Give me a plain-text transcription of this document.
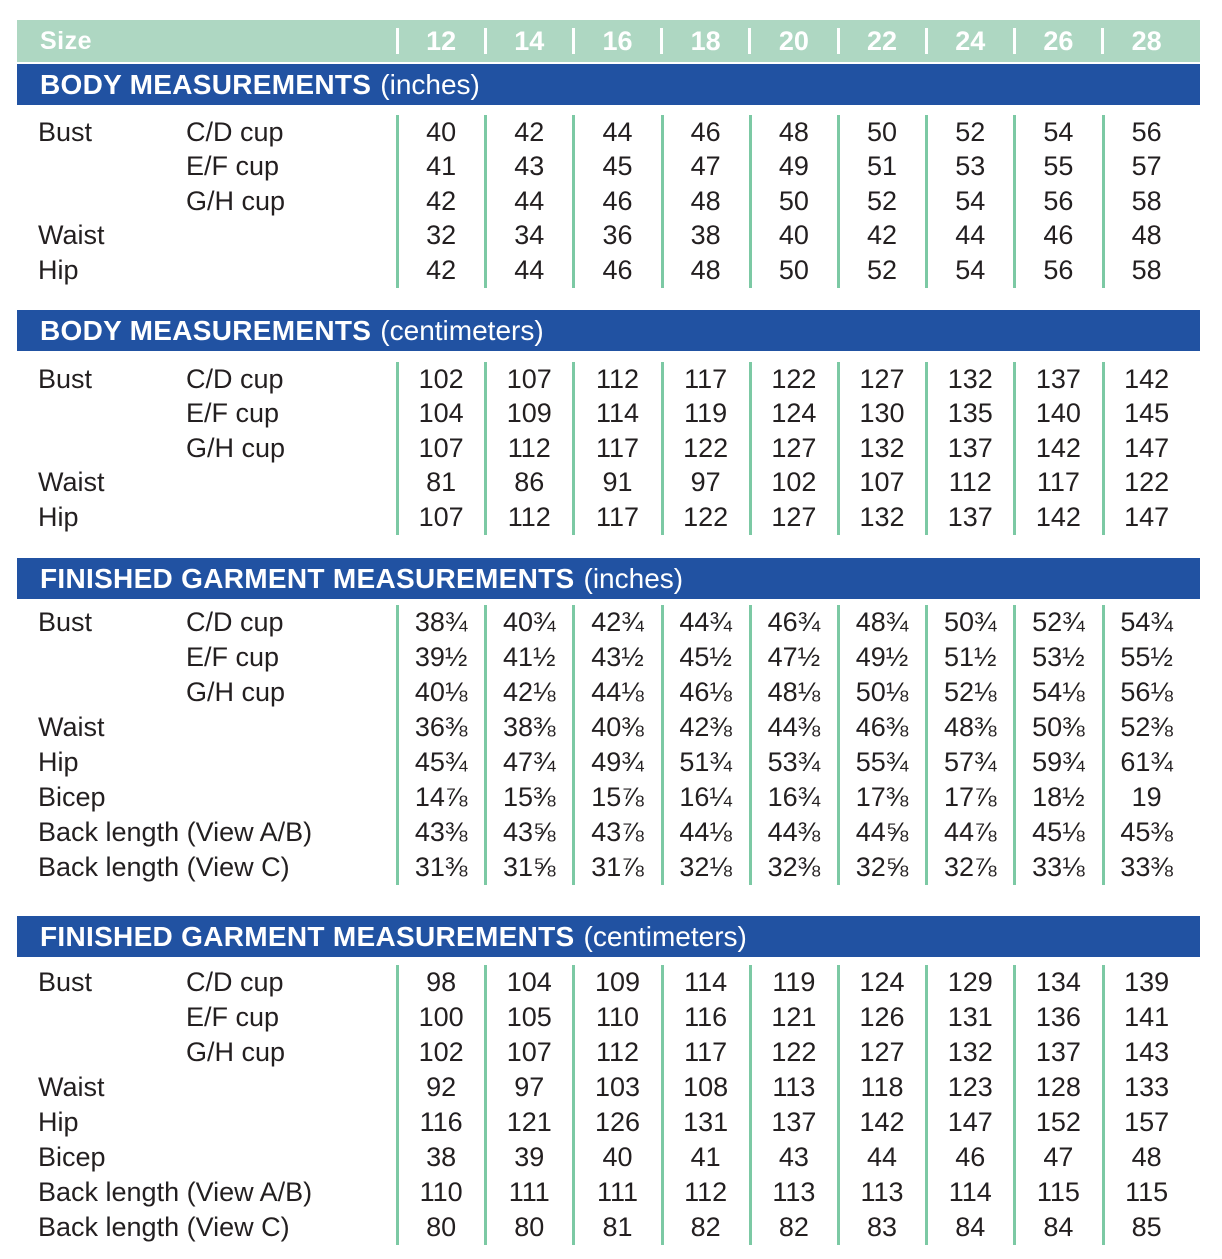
Size	12	14	16	18	20	22	24	26	28
BODY MEASUREMENTS (inches)
Bust	C/D cup	40	42	44	46	48	50	52	54	56
E/F cup	41	43	45	47	49	51	53	55	57
G/H cup	42	44	46	48	50	52	54	56	58
Waist	32	34	36	38	40	42	44	46	48
Hip	42	44	46	48	50	52	54	56	58
BODY MEASUREMENTS (centimeters)
Bust	C/D cup	102	107	112	117	122	127	132	137	142
E/F cup	104	109	114	119	124	130	135	140	145
G/H cup	107	112	117	122	127	132	137	142	147
Waist	81	86	91	97	102	107	112	117	122
Hip	107	112	117	122	127	132	137	142	147
FINISHED GARMENT MEASUREMENTS (inches)
Bust	C/D cup	38¾	40¾	42¾	44¾	46¾	48¾	50¾	52¾	54¾
E/F cup	39½	41½	43½	45½	47½	49½	51½	53½	55½
G/H cup	40⅛	42⅛	44⅛	46⅛	48⅛	50⅛	52⅛	54⅛	56⅛
Waist	36⅜	38⅜	40⅜	42⅜	44⅜	46⅜	48⅜	50⅜	52⅜
Hip	45¾	47¾	49¾	51¾	53¾	55¾	57¾	59¾	61¾
Bicep	14⅞	15⅜	15⅞	16¼	16¾	17⅜	17⅞	18½	19
Back length (View A/B)	43⅜	43⅝	43⅞	44⅛	44⅜	44⅝	44⅞	45⅛	45⅜
Back length (View C)	31⅜	31⅝	31⅞	32⅛	32⅜	32⅝	32⅞	33⅛	33⅜
FINISHED GARMENT MEASUREMENTS (centimeters)
Bust	C/D cup	98	104	109	114	119	124	129	134	139
E/F cup	100	105	110	116	121	126	131	136	141
G/H cup	102	107	112	117	122	127	132	137	143
Waist	92	97	103	108	113	118	123	128	133
Hip	116	121	126	131	137	142	147	152	157
Bicep	38	39	40	41	43	44	46	47	48
Back length (View A/B)	110	111	111	112	113	113	114	115	115
Back length (View C)	80	80	81	82	82	83	84	84	85
